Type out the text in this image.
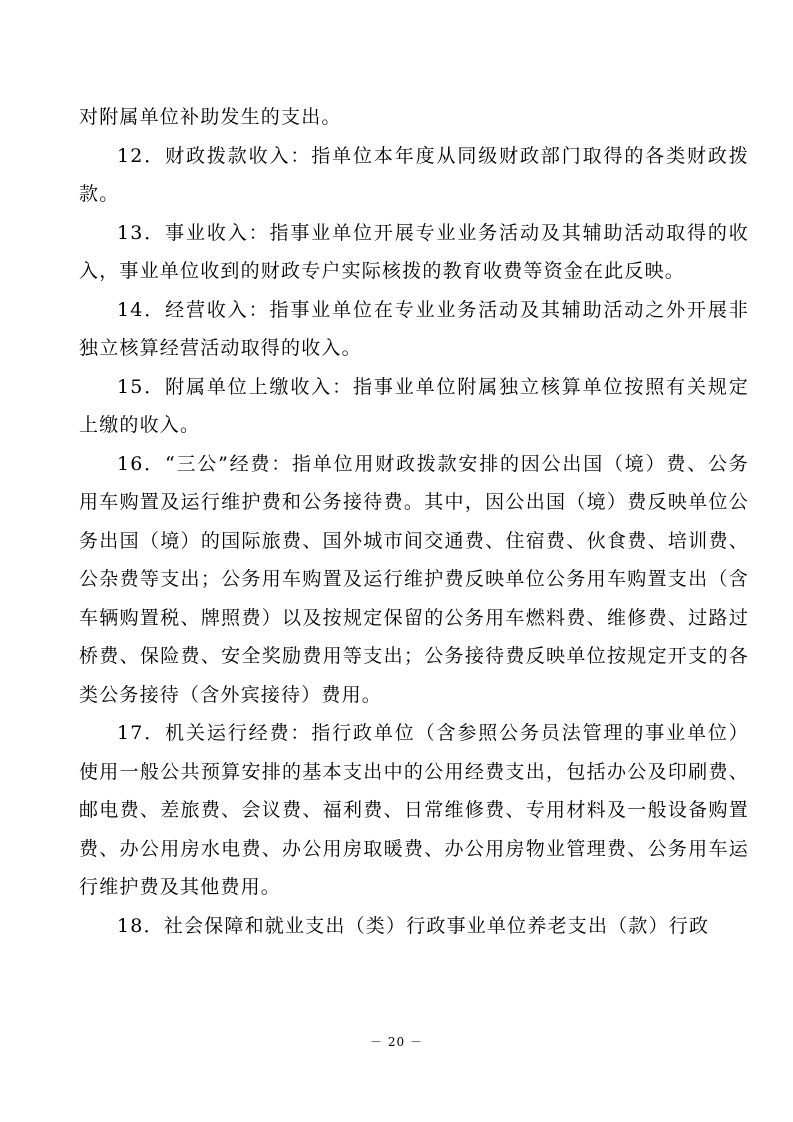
对附属单位补助发生的支出。

12．财政拨款收入：指单位本年度从同级财政部门取得的各类财政拨款。

13．事业收入：指事业单位开展专业业务活动及其辅助活动取得的收入，事业单位收到的财政专户实际核拨的教育收费等资金在此反映。

14．经营收入：指事业单位在专业业务活动及其辅助活动之外开展非独立核算经营活动取得的收入。

15．附属单位上缴收入：指事业单位附属独立核算单位按照有关规定上缴的收入。

16．“三公”经费：指单位用财政拨款安排的因公出国（境）费、公务用车购置及运行维护费和公务接待费。其中，因公出国（境）费反映单位公务出国（境）的国际旅费、国外城市间交通费、住宿费、伙食费、培训费、公杂费等支出；公务用车购置及运行维护费反映单位公务用车购置支出（含车辆购置税、牌照费）以及按规定保留的公务用车燃料费、维修费、过路过桥费、保险费、安全奖励费用等支出；公务接待费反映单位按规定开支的各类公务接待（含外宾接待）费用。

17．机关运行经费：指行政单位（含参照公务员法管理的事业单位）使用一般公共预算安排的基本支出中的公用经费支出，包括办公及印刷费、邮电费、差旅费、会议费、福利费、日常维修费、专用材料及一般设备购置费、办公用房水电费、办公用房取暖费、办公用房物业管理费、公务用车运行维护费及其他费用。

18．社会保障和就业支出（类）行政事业单位养老支出（款）行政

－ 20 －
